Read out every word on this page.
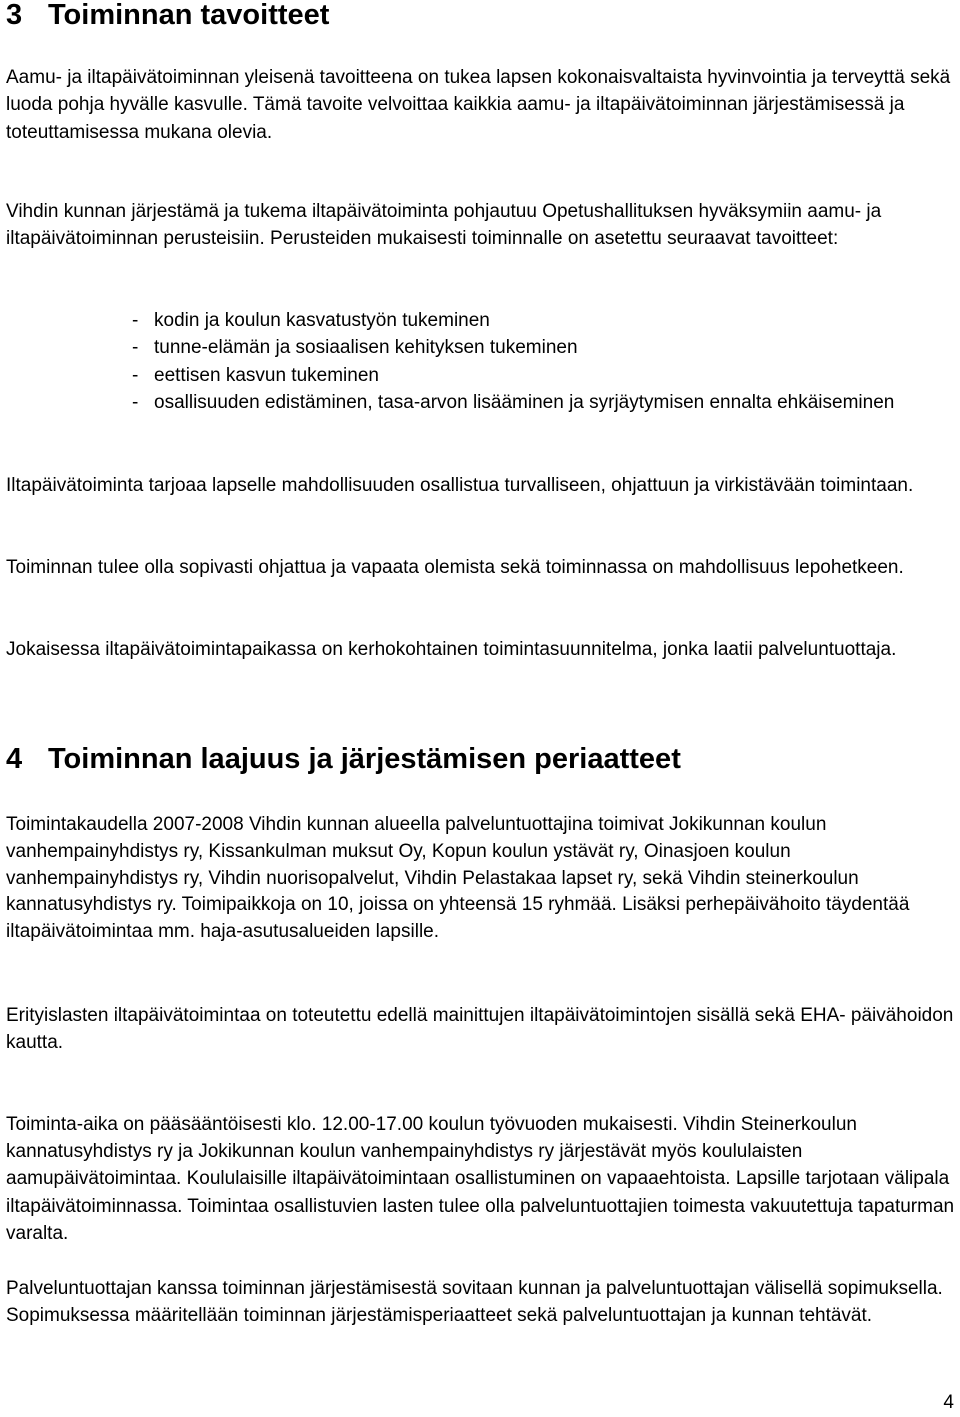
3 Toiminnan tavoitteet

Aamu- ja iltapäivätoiminnan yleisenä tavoitteena on tukea lapsen kokonaisvaltaista hyvinvointia ja terveyttä sekä luoda pohja hyvälle kasvulle. Tämä tavoite velvoittaa kaikkia aamu- ja iltapäivätoiminnan järjestämisessä ja toteuttamisessa mukana olevia.

Vihdin kunnan järjestämä ja tukema iltapäivätoiminta pohjautuu Opetushallituksen hyväksymiin aamu- ja iltapäivätoiminnan perusteisiin. Perusteiden mukaisesti toiminnalle on asetettu seuraavat tavoitteet:

- kodin ja koulun kasvatustyön tukeminen
- tunne-elämän ja sosiaalisen kehityksen tukeminen
- eettisen kasvun tukeminen
- osallisuuden edistäminen, tasa-arvon lisääminen ja syrjäytymisen ennalta ehkäiseminen

Iltapäivätoiminta tarjoaa lapselle mahdollisuuden osallistua turvalliseen, ohjattuun ja virkistävään toimintaan.

Toiminnan tulee olla sopivasti ohjattua ja vapaata olemista sekä toiminnassa on mahdollisuus lepohetkeen.

Jokaisessa iltapäivätoimintapaikassa on kerhokohtainen toimintasuunnitelma, jonka laatii palveluntuottaja.

4 Toiminnan laajuus ja järjestämisen periaatteet

Toimintakaudella 2007-2008 Vihdin kunnan alueella palveluntuottajina toimivat Jokikunnan koulun vanhempainyhdistys ry, Kissankulman muksut Oy, Kopun koulun ystävät ry, Oinasjoen koulun vanhempainyhdistys ry, Vihdin nuorisopalvelut, Vihdin Pelastakaa lapset ry, sekä Vihdin steinerkoulun kannatusyhdistys ry. Toimipaikkoja on 10, joissa on yhteensä 15 ryhmää. Lisäksi perhepäivähoito täydentää iltapäivätoimintaa mm. haja-asutusalueiden lapsille.

Erityislasten iltapäivätoimintaa on toteutettu edellä mainittujen iltapäivätoimintojen sisällä sekä EHA- päivähoidon kautta.

Toiminta-aika on pääsääntöisesti klo. 12.00-17.00 koulun työvuoden mukaisesti. Vihdin Steinerkoulun kannatusyhdistys ry ja Jokikunnan koulun vanhempainyhdistys ry järjestävät myös koululaisten aamupäivätoimintaa. Koululaisille iltapäivätoimintaan osallistuminen on vapaaehtoista. Lapsille tarjotaan välipala iltapäivätoiminnassa. Toimintaa osallistuvien lasten tulee olla palveluntuottajien toimesta vakuutettuja tapaturman varalta.

Palveluntuottajan kanssa toiminnan järjestämisestä sovitaan kunnan ja palveluntuottajan välisellä sopimuksella. Sopimuksessa määritellään toiminnan järjestämisperiaatteet sekä palveluntuottajan ja kunnan tehtävät.

4
